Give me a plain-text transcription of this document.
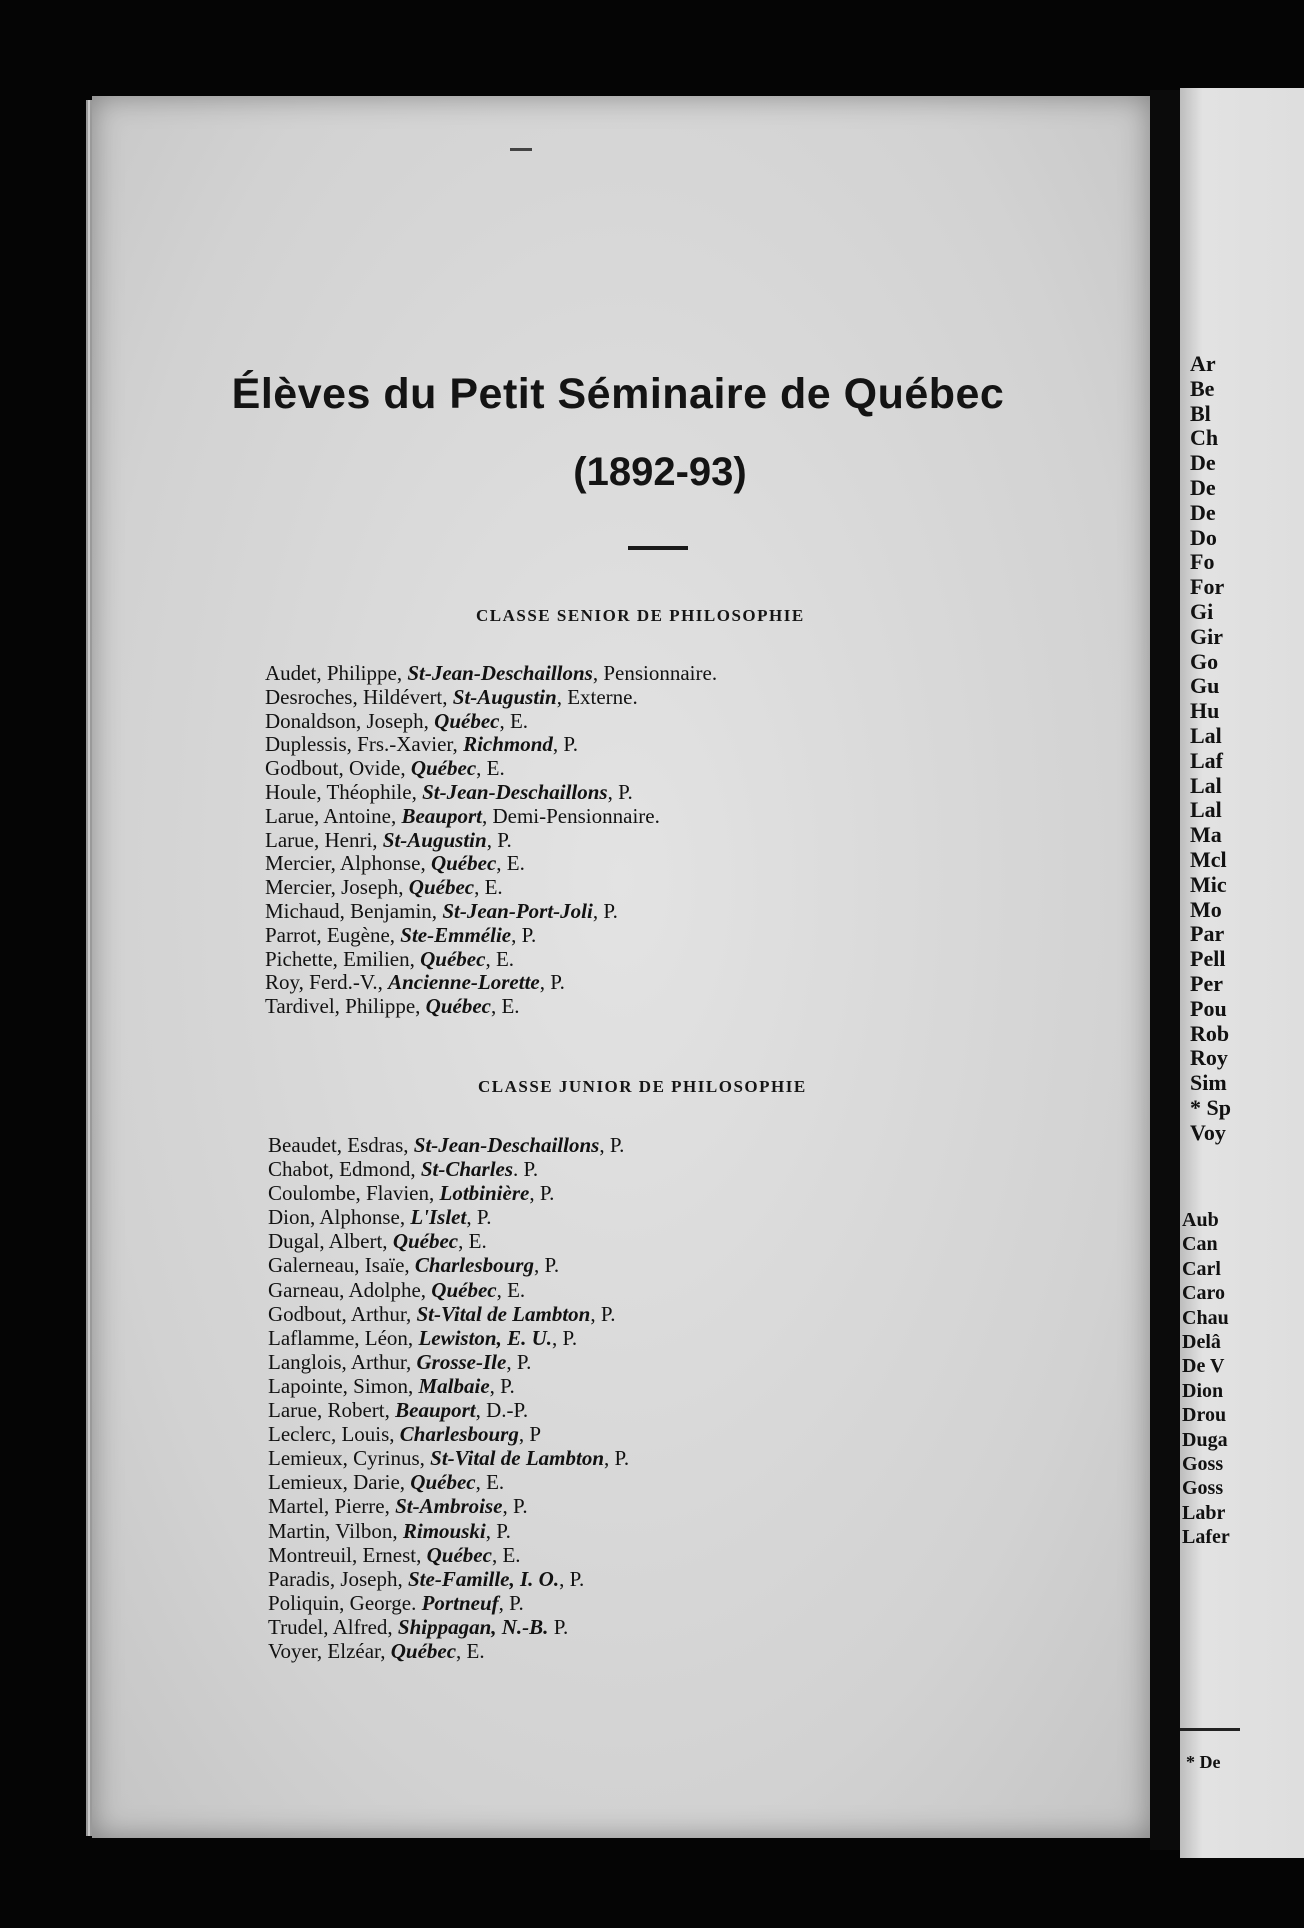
Ar
Be
Bl
Ch
De
De
De
Do
Fo
For
Gi
Gir
Go
Gu
Hu
Lal
Laf
Lal
Lal
Ma
Mcl
Mic
Mo
Par
Pell
Per
Pou
Rob
Roy
Sim
* Sp
Voy
Aub
Can
Carl
Caro
Chau
Delâ
De V
Dion
Drou
Duga
Goss
Goss
Labr
Lafer
* De
Élèves du Petit Séminaire de Québec
(1892-93)
CLASSE SENIOR DE PHILOSOPHIE
Audet, Philippe, St-Jean-Deschaillons, Pensionnaire.
Desroches, Hildévert, St-Augustin, Externe.
Donaldson, Joseph, Québec, E.
Duplessis, Frs.-Xavier, Richmond, P.
Godbout, Ovide, Québec, E.
Houle, Théophile, St-Jean-Deschaillons, P.
Larue, Antoine, Beauport, Demi-Pensionnaire.
Larue, Henri, St-Augustin, P.
Mercier, Alphonse, Québec, E.
Mercier, Joseph, Québec, E.
Michaud, Benjamin, St-Jean-Port-Joli, P.
Parrot, Eugène, Ste-Emmélie, P.
Pichette, Emilien, Québec, E.
Roy, Ferd.-V., Ancienne-Lorette, P.
Tardivel, Philippe, Québec, E.
CLASSE JUNIOR DE PHILOSOPHIE
Beaudet, Esdras, St-Jean-Deschaillons, P.
Chabot, Edmond, St-Charles. P.
Coulombe, Flavien, Lotbinière, P.
Dion, Alphonse, L'Islet, P.
Dugal, Albert, Québec, E.
Galerneau, Isaïe, Charlesbourg, P.
Garneau, Adolphe, Québec, E.
Godbout, Arthur, St-Vital de Lambton, P.
Laflamme, Léon, Lewiston, E. U., P.
Langlois, Arthur, Grosse-Ile, P.
Lapointe, Simon, Malbaie, P.
Larue, Robert, Beauport, D.-P.
Leclerc, Louis, Charlesbourg, P
Lemieux, Cyrinus, St-Vital de Lambton, P.
Lemieux, Darie, Québec, E.
Martel, Pierre, St-Ambroise, P.
Martin, Vilbon, Rimouski, P.
Montreuil, Ernest, Québec, E.
Paradis, Joseph, Ste-Famille, I. O., P.
Poliquin, George. Portneuf, P.
Trudel, Alfred, Shippagan, N.-B. P.
Voyer, Elzéar, Québec, E.
